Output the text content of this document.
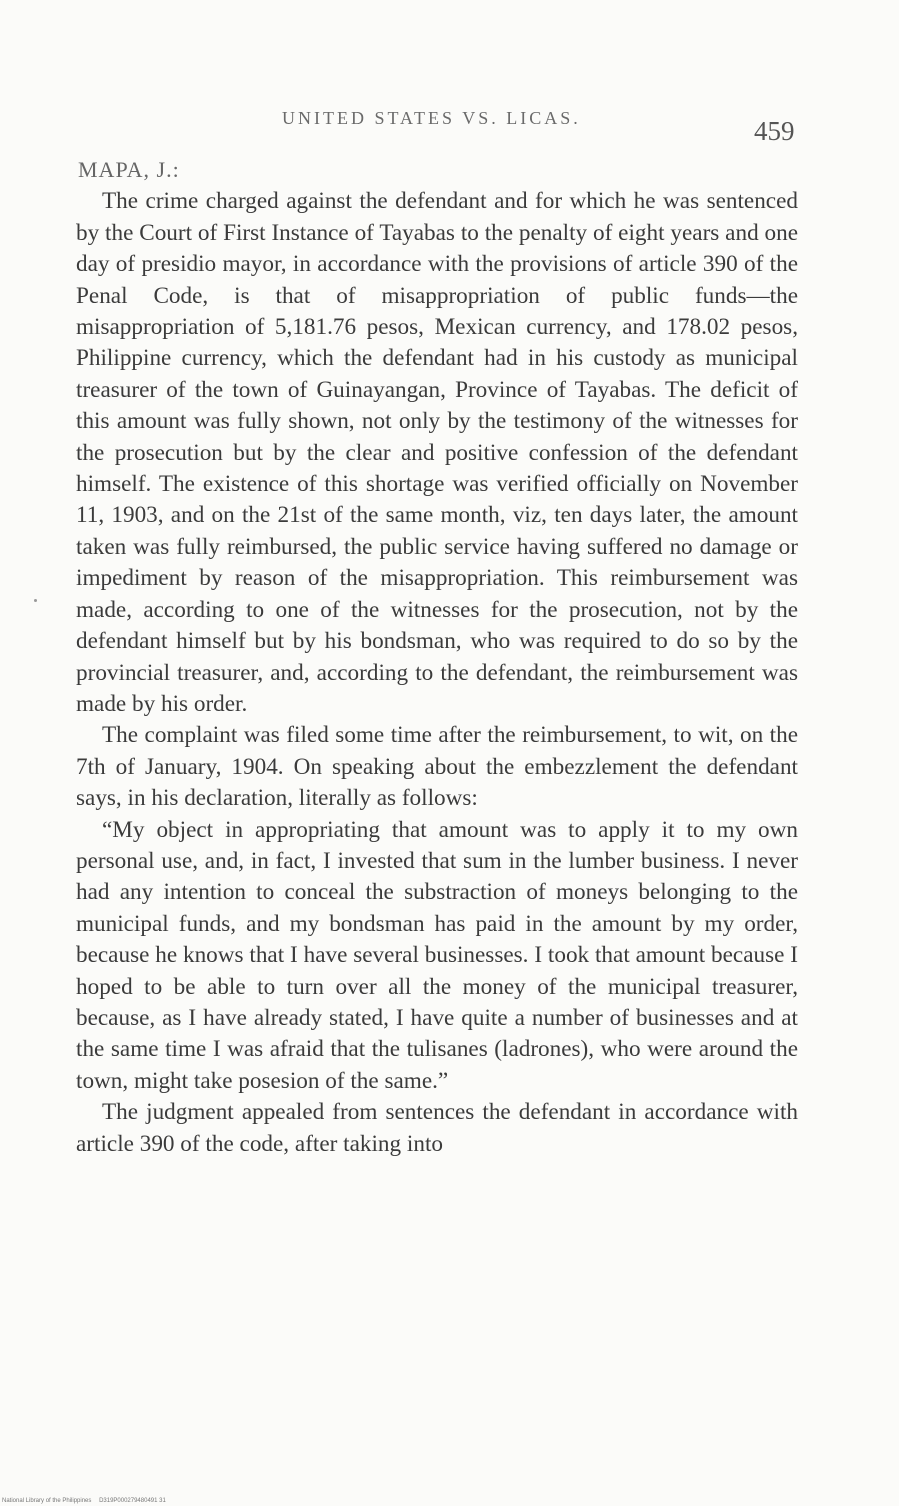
UNITED STATES VS. LICAS.	459

MAPA, J.:

The crime charged against the defendant and for which he was sentenced by the Court of First Instance of Tayabas to the penalty of eight years and one day of presidio mayor, in accordance with the provisions of article 390 of the Penal Code, is that of misappropriation of public funds—the misappropriation of 5,181.76 pesos, Mexican currency, and 178.02 pesos, Philippine currency, which the defendant had in his custody as municipal treasurer of the town of Guinayangan, Province of Tayabas. The deficit of this amount was fully shown, not only by the testimony of the witnesses for the prosecution but by the clear and positive confession of the defendant himself. The existence of this shortage was verified officially on November 11, 1903, and on the 21st of the same month, viz, ten days later, the amount taken was fully reimbursed, the public service having suffered no damage or impediment by reason of the misappropriation. This reimbursement was made, according to one of the witnesses for the prosecution, not by the defendant himself but by his bondsman, who was required to do so by the provincial treasurer, and, according to the defendant, the reimbursement was made by his order.

The complaint was filed some time after the reimbursement, to wit, on the 7th of January, 1904. On speaking about the embezzlement the defendant says, in his declaration, literally as follows:

“My object in appropriating that amount was to apply it to my own personal use, and, in fact, I invested that sum in the lumber business. I never had any intention to conceal the substraction of moneys belonging to the municipal funds, and my bondsman has paid in the amount by my order, because he knows that I have several businesses. I took that amount because I hoped to be able to turn over all the money of the municipal treasurer, because, as I have already stated, I have quite a number of businesses and at the same time I was afraid that the tulisanes (ladrones), who were around the town, might take posesion of the same.”

The judgment appealed from sentences the defendant in accordance with article 390 of the code, after taking into

National Library of the Philippines D319P000279480491 31
